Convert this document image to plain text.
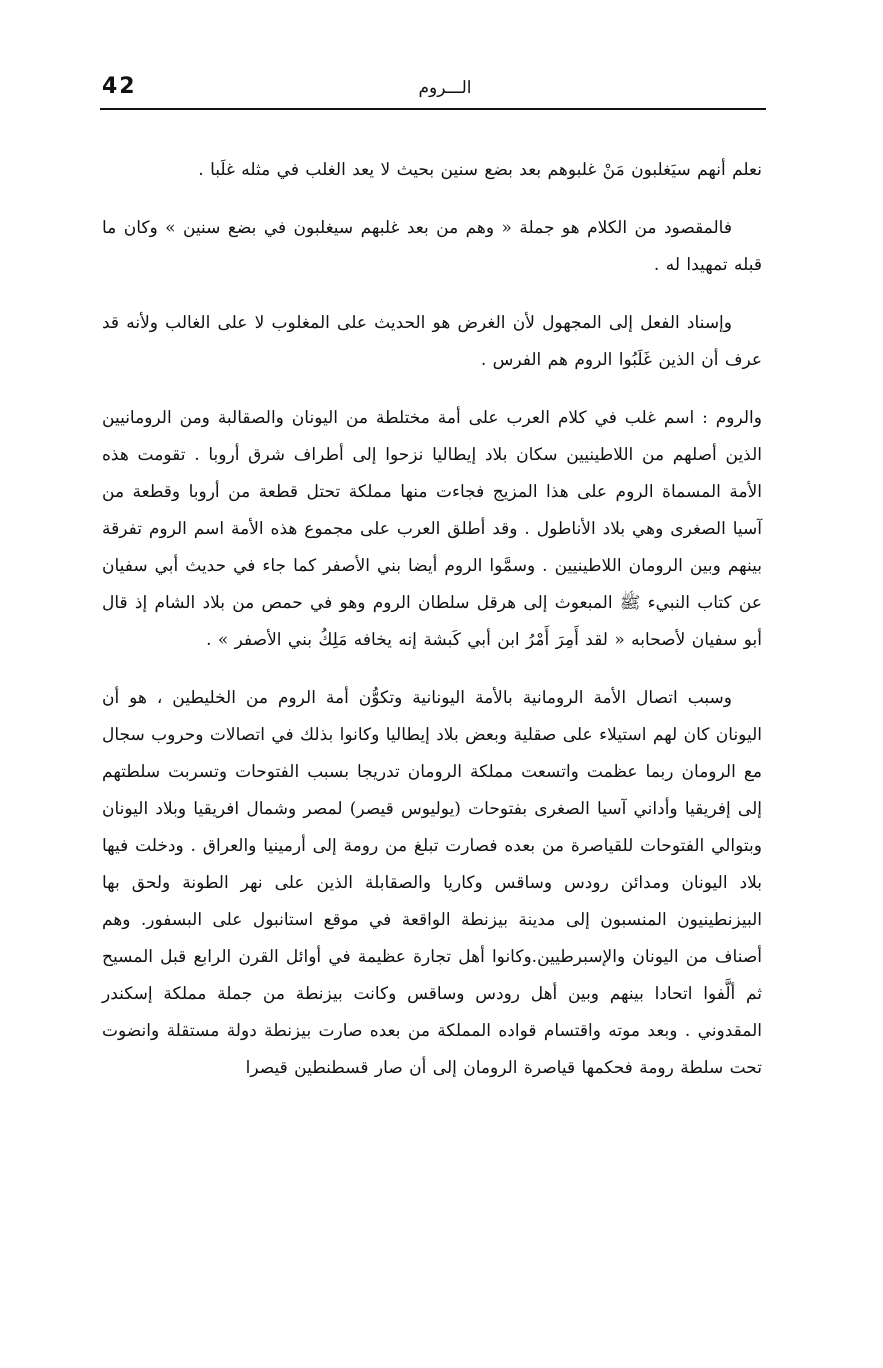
42	الـــروم

نعلم أنهم سيَغلبون مَنْ غلبوهم بعد بضع سنين بحيث لا يعد الغلب في مثله غلَبا .

فالمقصود من الكلام هو جملة « وهم من بعد غلبهم سيغلبون في بضع سنين » وكان ما قبله تمهيدا له .

وإسناد الفعل إلى المجهول لأن الغرض هو الحديث على المغلوب لا على الغالب ولأنه قد عرف أن الذين غَلَبُوا الروم هم الفرس .

والروم : اسم غلب في كلام العرب على أمة مختلطة من اليونان والصقالبة ومن الرومانيين الذين أصلهم من اللاطينيين سكان بلاد إيطاليا نزحوا إلى أطراف شرق أروبا . تقومت هذه الأمة المسماة الروم على هذا المزيج فجاءت منها مملكة تحتل قطعة من أروبا وقطعة من آسيا الصغرى وهي بلاد الأناطول . وقد أطلق العرب على مجموع هذه الأمة اسم الروم تفرقة بينهم وبين الرومان اللاطينيين . وسمَّوا الروم أيضا بني الأصفر كما جاء في حديث أبي سفيان عن كتاب النبيء ﷺ المبعوث إلى هرقل سلطان الروم وهو في حمص من بلاد الشام إذ قال أبو سفيان لأصحابه « لقد أَمِرَ أَمْرُ ابن أبي كَبشة إنه يخافه مَلِكُ بني الأصفر » .

وسبب اتصال الأمة الرومانية بالأمة اليونانية وتكوُّن أمة الروم من الخليطين ، هو أن اليونان كان لهم استيلاء على صقلية وبعض بلاد إيطاليا وكانوا بذلك في اتصالات وحروب سجال مع الرومان ربما عظمت واتسعت مملكة الرومان تدريجا بسبب الفتوحات وتسربت سلطتهم إلى إفريقيا وأداني آسيا الصغرى بفتوحات (يوليوس قيصر) لمصر وشمال افريقيا وبلاد اليونان وبتوالي الفتوحات للقياصرة من بعده فصارت تبلغ من رومة إلى أرمينيا والعراق . ودخلت فيها بلاد اليونان ومدائن رودس وساقس وكاريا والصقابلة الذين على نهر الطونة ولحق بها البيزنطينيون المنسبون إلى مدينة بيزنطة الواقعة في موقع استانبول على البسفور. وهم أصناف من اليونان والإسبرطيين.وكانوا أهل تجارة عظيمة في أوائل القرن الرابع قبل المسيح ثم ألَّفوا اتحادا بينهم وبين أهل رودس وساقس وكانت بيزنطة من جملة مملكة إسكندر المقدوني . وبعد موته واقتسام قواده المملكة من بعده صارت بيزنطة دولة مستقلة وانضوت تحت سلطة رومة فحكمها قياصرة الرومان إلى أن صار قسطنطين قيصرا
